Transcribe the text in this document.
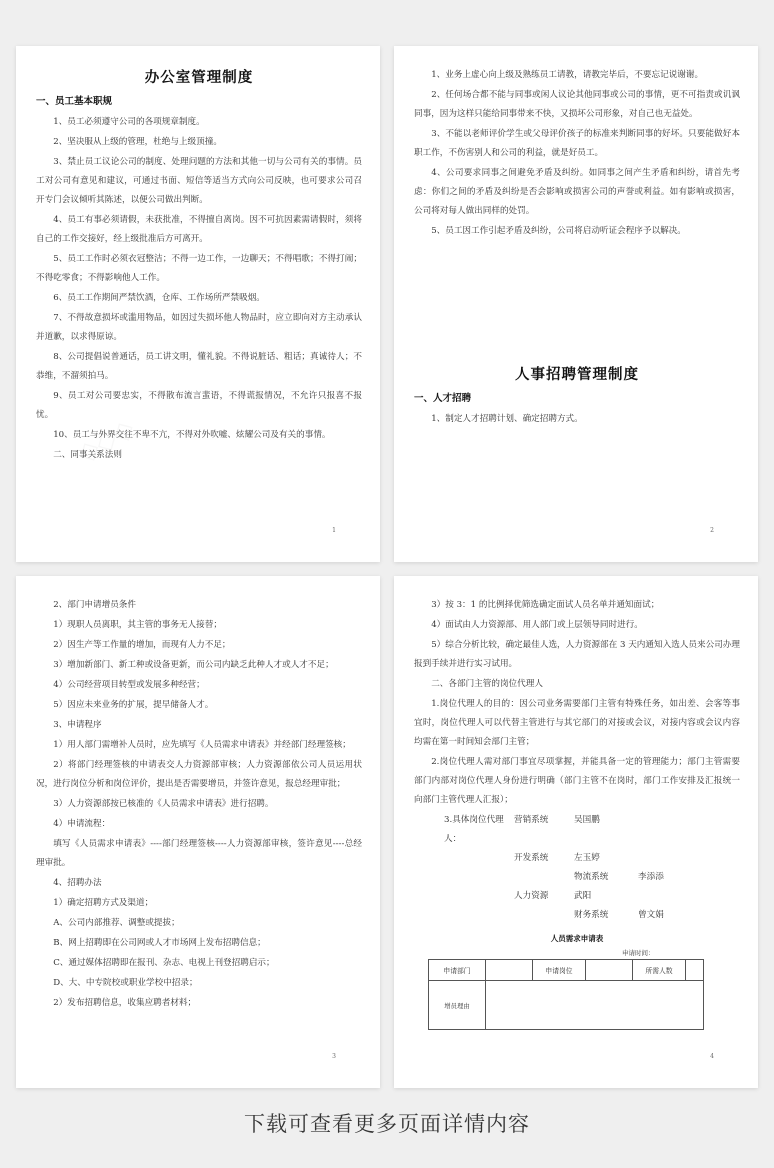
办公室管理制度
一、员工基本职规

1、员工必须遵守公司的各项规章制度。

2、坚决服从上级的管理，杜绝与上级顶撞。

3、禁止员工议论公司的制度、处理问题的方法和其他一切与公司有关的事情。员工对公司有意见和建议，可通过书面、短信等适当方式向公司反映，也可要求公司召开专门会议倾听其陈述，以便公司做出判断。

4、员工有事必须请假，未获批准，不得擅自离岗。因不可抗因素需请假时，须将自己的工作交接好，经上级批准后方可离开。

5、员工工作时必须衣冠整洁；不得一边工作，一边聊天；不得唱歌；不得打闹；不得吃零食；不得影响他人工作。

6、员工工作期间严禁饮酒，仓库、工作场所严禁吸烟。

7、不得故意损坏或滥用物品，如因过失损坏他人物品时，应立即向对方主动承认并道歉，以求得原谅。

8、公司提倡说普通话，员工讲文明，懂礼貌。不得说脏话、粗话；真诚待人；不恭维，不溜须拍马。

9、员工对公司要忠实，不得散布流言蜚语，不得谎报情况，不允许只报喜不报忧。

10、员工与外界交往不卑不亢，不得对外吹嘘、炫耀公司及有关的事情。

二、同事关系法则

1

1、业务上虚心向上级及熟练员工请教，请教完毕后，不要忘记说谢谢。

2、任何场合都不能与同事或闲人议论其他同事或公司的事情，更不可指责或讥讽同事，因为这样只能给同事带来不快，又损坏公司形象，对自己也无益处。

3、不能以老师评价学生或父母评价孩子的标准来判断同事的好坏。只要能做好本职工作，不伤害别人和公司的利益，就是好员工。

4、公司要求同事之间避免矛盾及纠纷。如同事之间产生矛盾和纠纷，请首先考虑：你们之间的矛盾及纠纷是否会影响或损害公司的声誉或利益。如有影响或损害，公司将对每人做出同样的处罚。

5、员工因工作引起矛盾及纠纷，公司将启动听证会程序予以解决。

人事招聘管理制度
一、人才招聘

1、制定人才招聘计划、确定招聘方式。

2

2、部门申请增员条件

1）现职人员离职，其主管的事务无人接替；

2）因生产等工作量的增加，而现有人力不足；

3）增加新部门、新工种或设备更新，而公司内缺乏此种人才或人才不足；

4）公司经营项目转型或发展多种经营；

5）因应未来业务的扩展，提早储备人才。

3、申请程序

1）用人部门需增补人员时，应先填写《人员需求申请表》并经部门经理签核；

2）将部门经理签核的申请表交人力资源部审核；人力资源部依公司人员运用状况，进行岗位分析和岗位评价，提出是否需要增员，并签许意见，报总经理审批；

3）人力资源部按已核准的《人员需求申请表》进行招聘。

4）申请流程：

填写《人员需求申请表》----部门经理签核----人力资源部审核，签许意见----总经理审批。

4、招聘办法

1）确定招聘方式及渠道；

A、公司内部推荐、调整或提拔；

B、网上招聘即在公司网或人才市场网上发布招聘信息；

C、通过媒体招聘即在报刊、杂志、电视上刊登招聘启示；

D、大、中专院校或职业学校中招录；

2）发布招聘信息，收集应聘者材料；

3

3）按 3：1 的比例择优筛选确定面试人员名单并通知面试；

4）面试由人力资源部、用人部门或上层领导同时进行。

5）综合分析比较，确定最佳人选，人力资源部在 3 天内通知入选人员来公司办理报到手续并进行实习试用。

二、各部门主管的岗位代理人

1.岗位代理人的目的：因公司业务需要部门主管有特殊任务，如出差、会客等事宜时，岗位代理人可以代替主管进行与其它部门的对接或会议，对接内容或会议内容均需在第一时间知会部门主管；

2.岗位代理人需对部门事宜尽项掌握，并能具备一定的管理能力；部门主管需要部门内部对岗位代理人身份进行明确（部门主管不在岗时，部门工作安排及汇报统一向部门主管代理人汇报）；

3.具体岗位代理人：
营销系统	吴国鹏
开发系统	左玉婷
物流系统	李添添
人力资源	武阳
财务系统	曾文娟
人员需求申请表
申请时间：
申请部门		申请岗位		所需人数	
增员理由					
4
下载可查看更多页面详情内容
